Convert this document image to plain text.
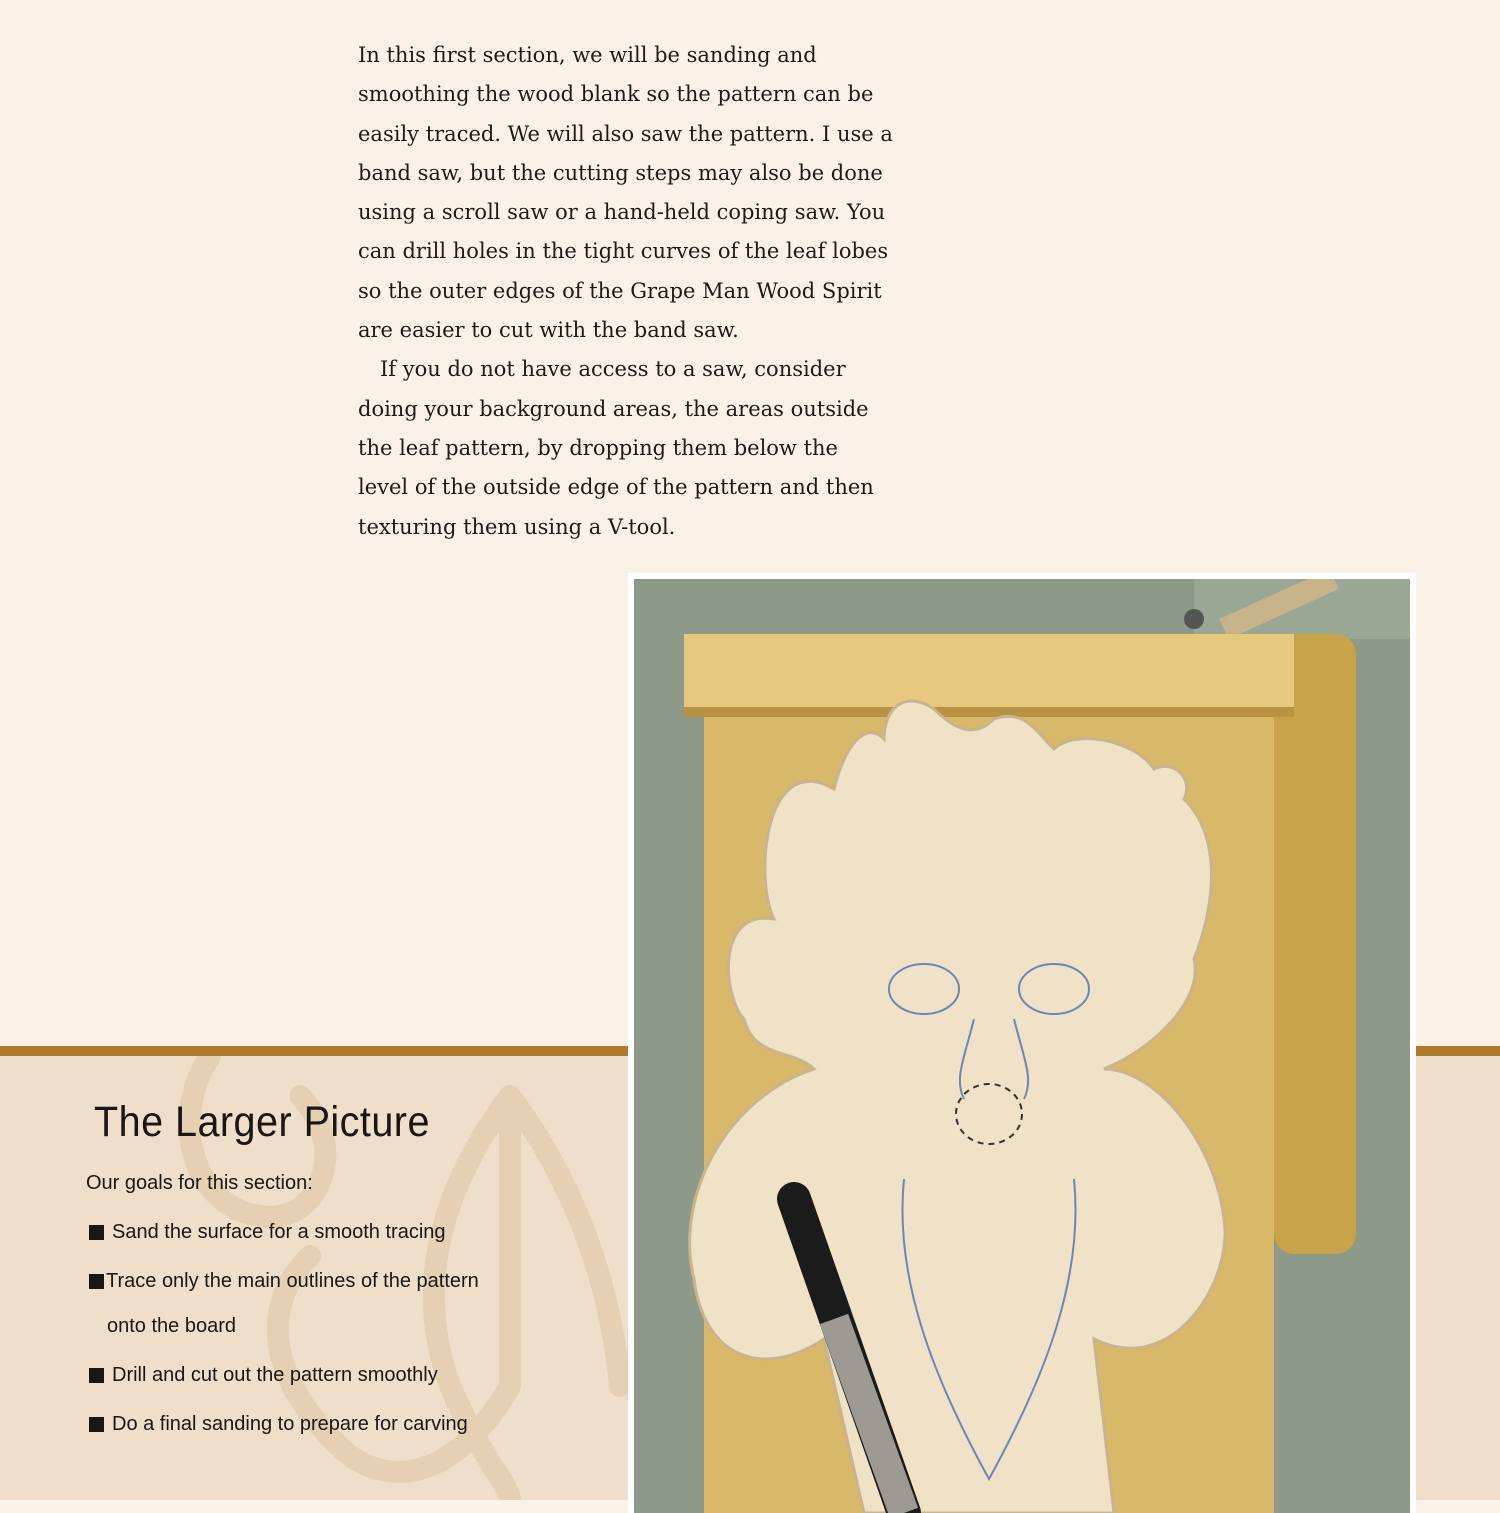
In this first section, we will be sanding and
smoothing the wood blank so the pattern can be
easily traced. We will also saw the pattern. I use a
band saw, but the cutting steps may also be done
using a scroll saw or a hand-held coping saw. You
can drill holes in the tight curves of the leaf lobes
so the outer edges of the Grape Man Wood Spirit
are easier to cut with the band saw.

If you do not have access to a saw, consider
doing your background areas, the areas outside
the leaf pattern, by dropping them below the
level of the outside edge of the pattern and then
texturing them using a V-tool.

The Larger Picture
Our goals for this section:
Sand the surface for a smooth tracing
Trace only the main outlines of the pattern
onto the board
Drill and cut out the pattern smoothly
Do a final sanding to prepare for carving
